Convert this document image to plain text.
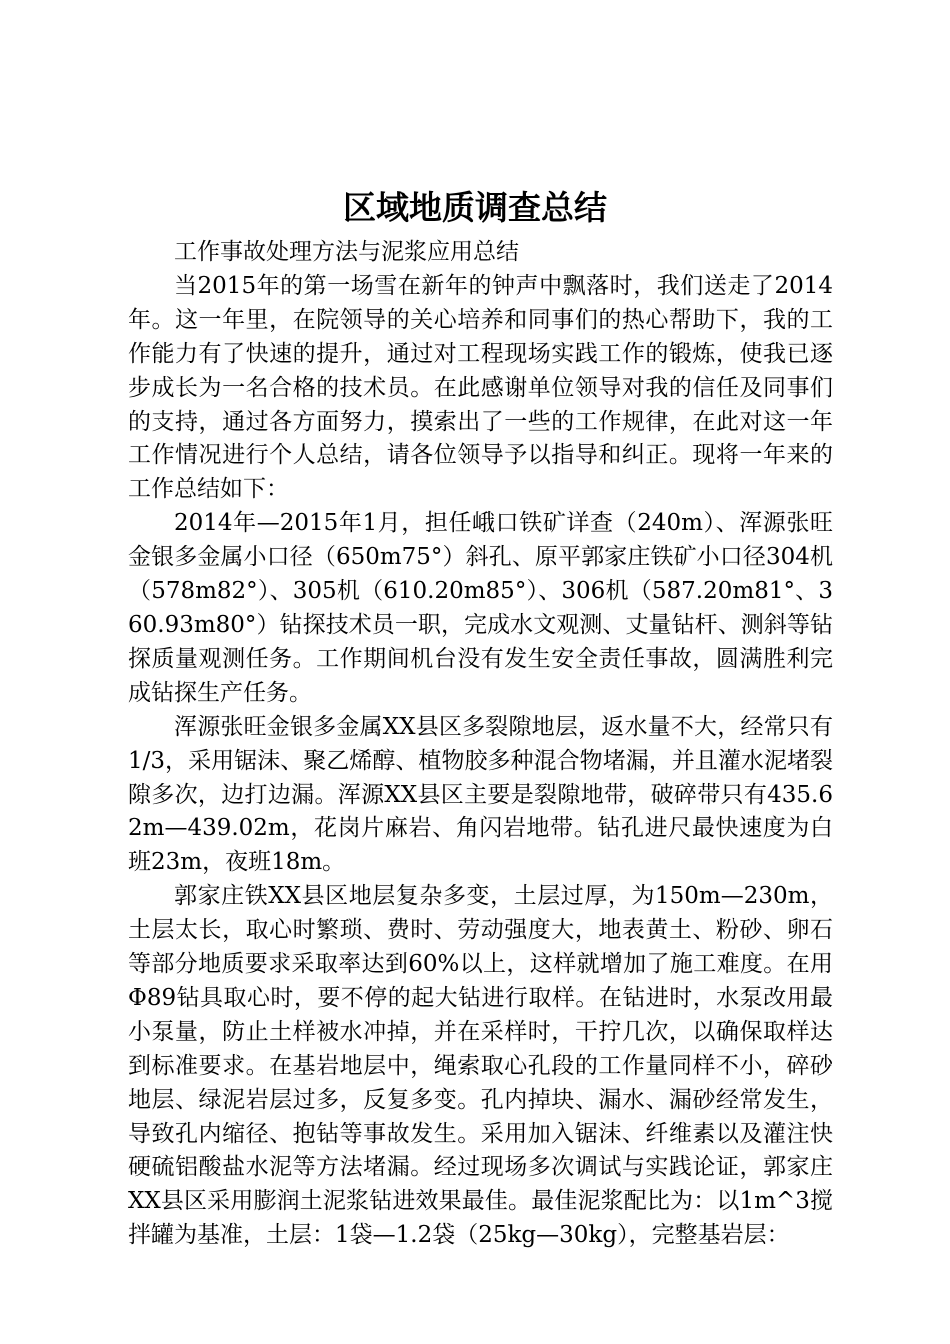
区域地质调查总结

工作事故处理方法与泥浆应用总结

当2015年的第一场雪在新年的钟声中飘落时，我们送走了2014年。这一年里，在院领导的关心培养和同事们的热心帮助下，我的工作能力有了快速的提升，通过对工程现场实践工作的锻炼，使我已逐步成长为一名合格的技术员。在此感谢单位领导对我的信任及同事们的支持，通过各方面努力，摸索出了一些的工作规律，在此对这一年工作情况进行个人总结，请各位领导予以指导和纠正。现将一年来的工作总结如下：

2014年—2015年1月，担任峨口铁矿详查（240m）、浑源张旺金银多金属小口径（650m75°）斜孔、原平郭家庄铁矿小口径304机（578m82°）、305机（610.20m85°）、306机（587.20m81°、360.93m80°）钻探技术员一职，完成水文观测、丈量钻杆、测斜等钻探质量观测任务。工作期间机台没有发生安全责任事故，圆满胜利完成钻探生产任务。

浑源张旺金银多金属XX县区多裂隙地层，返水量不大，经常只有1/3，采用锯沫、聚乙烯醇、植物胶多种混合物堵漏，并且灌水泥堵裂隙多次，边打边漏。浑源XX县区主要是裂隙地带，破碎带只有435.62m—439.02m，花岗片麻岩、角闪岩地带。钻孔进尺最快速度为白班23m，夜班18m。

郭家庄铁XX县区地层复杂多变，土层过厚，为150m—230m，土层太长，取心时繁琐、费时、劳动强度大，地表黄土、粉砂、卵石等部分地质要求采取率达到60%以上，这样就增加了施工难度。在用Φ89钻具取心时，要不停的起大钻进行取样。在钻进时，水泵改用最小泵量，防止土样被水冲掉，并在采样时，干拧几次，以确保取样达到标准要求。在基岩地层中，绳索取心孔段的工作量同样不小，碎砂地层、绿泥岩层过多，反复多变。孔内掉块、漏水、漏砂经常发生，导致孔内缩径、抱钻等事故发生。采用加入锯沫、纤维素以及灌注快硬硫铝酸盐水泥等方法堵漏。经过现场多次调试与实践论证，郭家庄XX县区采用膨润土泥浆钻进效果最佳。最佳泥浆配比为：以1m^3搅拌罐为基准，土层：1袋—1.2袋（25kg—30kg），完整基岩层：
